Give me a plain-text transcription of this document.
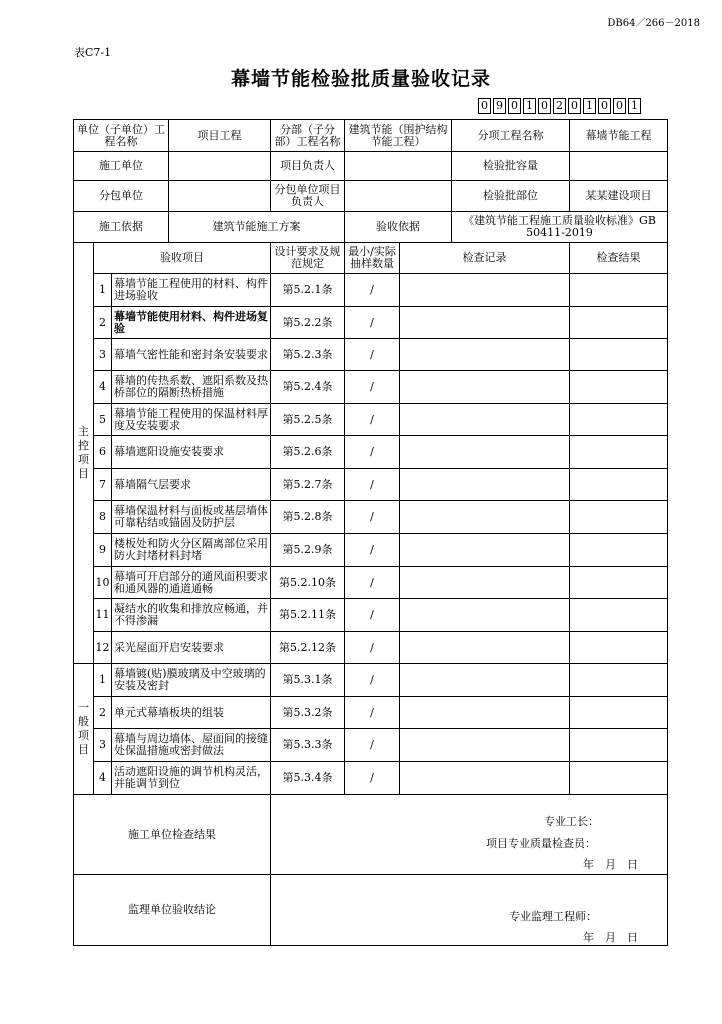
DB64／266－2018
表C7-1
幕墙节能检验批质量验收记录
0 9 0 1 0 2 0 1 0 0 1
单位（子单位）工程名称			项目工程	分部（子分部）工程名称	建筑节能（围护结构节能工程）		分项工程名称	幕墙节能工程
施工单位				项目负责人			检验批容量	
分包单位				分包单位项目负责人			检验批部位	某某建设项目
施工依据			建筑节能施工方案		验收依据		《建筑节能工程施工质量验收标准》GB 50411-2019	
主
控
项
目	验收项目			设计要求及规范规定	最小/实际抽样数量	检查记录		检查结果
	1	幕墙节能工程使用的材料、构件进场验收		第5.2.1条	/			
	2	幕墙节能使用材料、构件进场复验		第5.2.2条	/			
	3	幕墙气密性能和密封条安装要求		第5.2.3条	/			
	4	幕墙的传热系数、遮阳系数及热桥部位的隔断热桥措施		第5.2.4条	/			
	5	幕墙节能工程使用的保温材料厚度及安装要求		第5.2.5条	/			
	6	幕墙遮阳设施安装要求		第5.2.6条	/			
	7	幕墙隔气层要求		第5.2.7条	/			
	8	幕墙保温材料与面板或基层墙体可靠粘结或锚固及防护层		第5.2.8条	/			
	9	楼板处和防火分区隔离部位采用防火封堵材料封堵		第5.2.9条	/			
	10	幕墙可开启部分的通风面积要求和通风器的通道通畅		第5.2.10条	/			
	11	凝结水的收集和排放应畅通，并不得渗漏		第5.2.11条	/			
	12	采光屋面开启安装要求		第5.2.12条	/			
一
般
项
目	1	幕墙镀(贴)膜玻璃及中空玻璃的安装及密封		第5.3.1条	/			
	2	单元式幕墙板块的组装		第5.3.2条	/			
	3	幕墙与周边墙体、屋面间的接缝处保温措施或密封做法		第5.3.3条	/			
	4	活动遮阳设施的调节机构灵活，并能调节到位		第5.3.4条	/			
施工单位检查结果				专业工长：
项目专业质量检查员：
年　月　日				

监理单位验收结论				专业监理工程师：
年　月　日				
